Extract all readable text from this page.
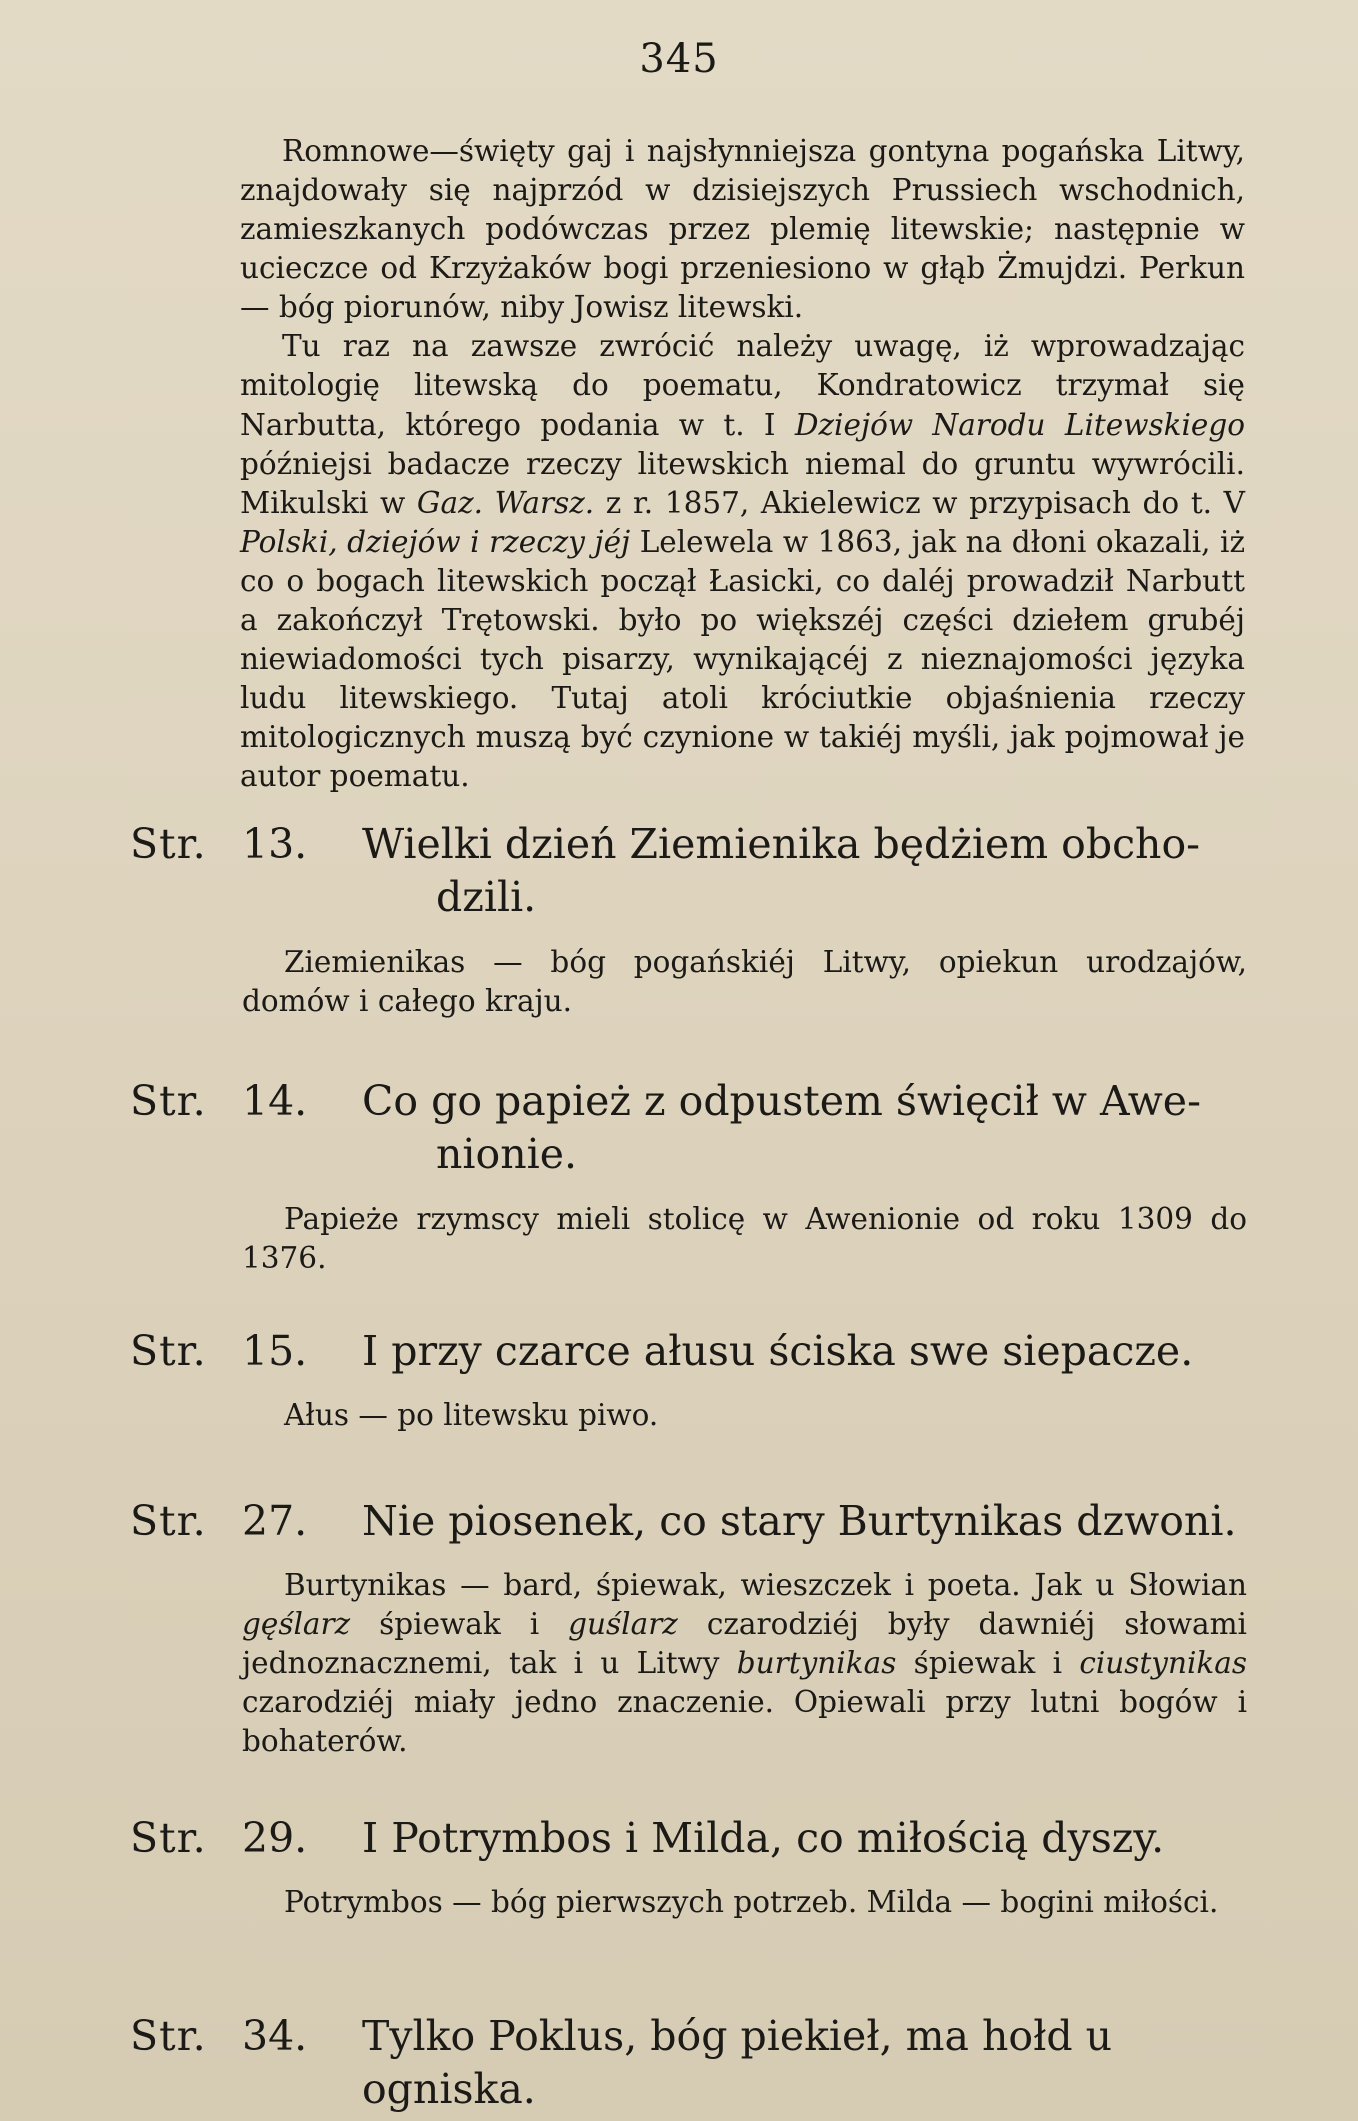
345

Romnowe—święty gaj i najsłynniejsza gontyna pogańska Litwy, znajdowały się najprzód w dzisiejszych Prussiech wschodnich, zamieszkanych podówczas przez plemię litewskie; następnie w ucieczce od Krzyżaków bogi przeniesiono w głąb Żmujdzi. Perkun — bóg piorunów, niby Jowisz litewski.

Tu raz na zawsze zwrócić należy uwagę, iż wprowadzając mitologię litewską do poematu, Kondratowicz trzymał się Narbutta, którego podania w t. I Dziejów Narodu Litewskiego późniejsi badacze rzeczy litewskich niemal do gruntu wywrócili. Mikulski w Gaz. Warsz. z r. 1857, Akielewicz w przypisach do t. V Polski, dziejów i rzeczy jéj Lelewela w 1863, jak na dłoni okazali, iż co o bogach litewskich począł Łasicki, co daléj prowadził Narbutt a zakończył Trętowski. było po większéj części dziełem grubéj niewiadomości tych pisarzy, wynikającéj z nieznajomości języka ludu litewskiego. Tutaj atoli króciutkie objaśnienia rzeczy mitologicznych muszą być czynione w takiéj myśli, jak pojmował je autor poematu.

Str. 13.	Wielki dzień Ziemienika będżiem obcho-
dzili.

Ziemienikas — bóg pogańskiéj Litwy, opiekun urodzajów, domów i całego kraju.

Str. 14.	Co go papież z odpustem święcił w Awe-
nionie.

Papieże rzymscy mieli stolicę w Awenionie od roku 1309 do 1376.

Str. 15.	I przy czarce ałusu ściska swe siepacze.

Ałus — po litewsku piwo.

Str. 27.	Nie piosenek, co stary Burtynikas dzwoni.

Burtynikas — bard, śpiewak, wieszczek i poeta. Jak u Słowian gęślarz śpiewak i guślarz czarodziéj były dawniéj słowami jednoznacznemi, tak i u Litwy burtynikas śpiewak i ciustynikas czarodziéj miały jedno znaczenie. Opiewali przy lutni bogów i bohaterów.

Str. 29.	I Potrymbos i Milda, co miłością dyszy.

Potrymbos — bóg pierwszych potrzeb. Milda — bogini miłości.

Str. 34.	Tylko Poklus, bóg piekieł, ma hołd u ogniska.
